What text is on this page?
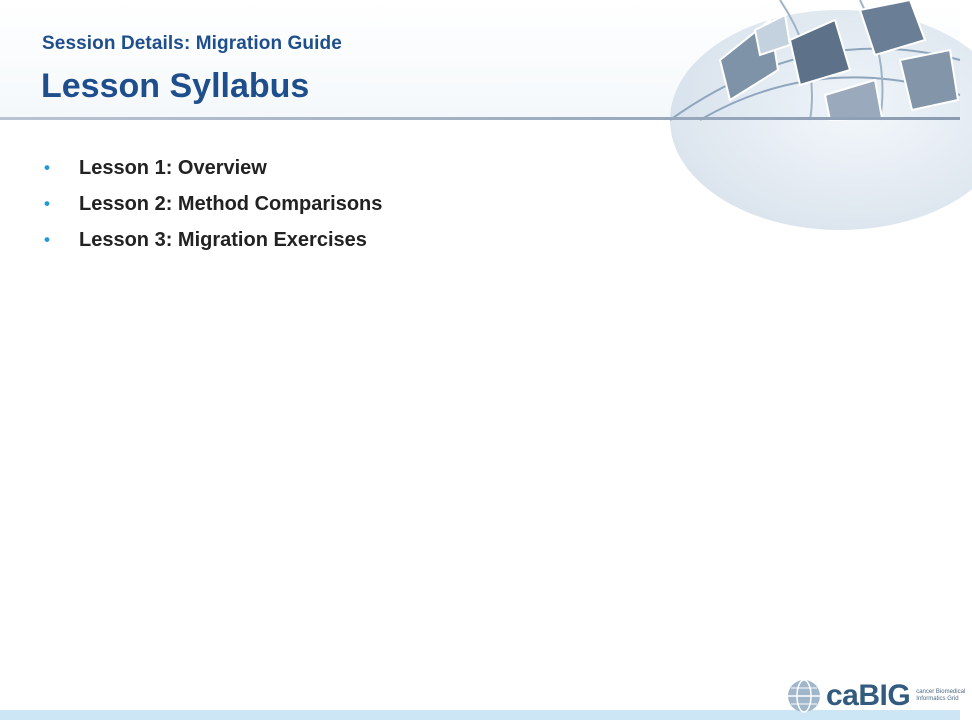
Session Details: Migration Guide
Lesson Syllabus
•	Lesson 1: Overview
•	Lesson 2: Method Comparisons
•	Lesson 3: Migration Exercises
caBIG cancer Biomedical Informatics Grid
